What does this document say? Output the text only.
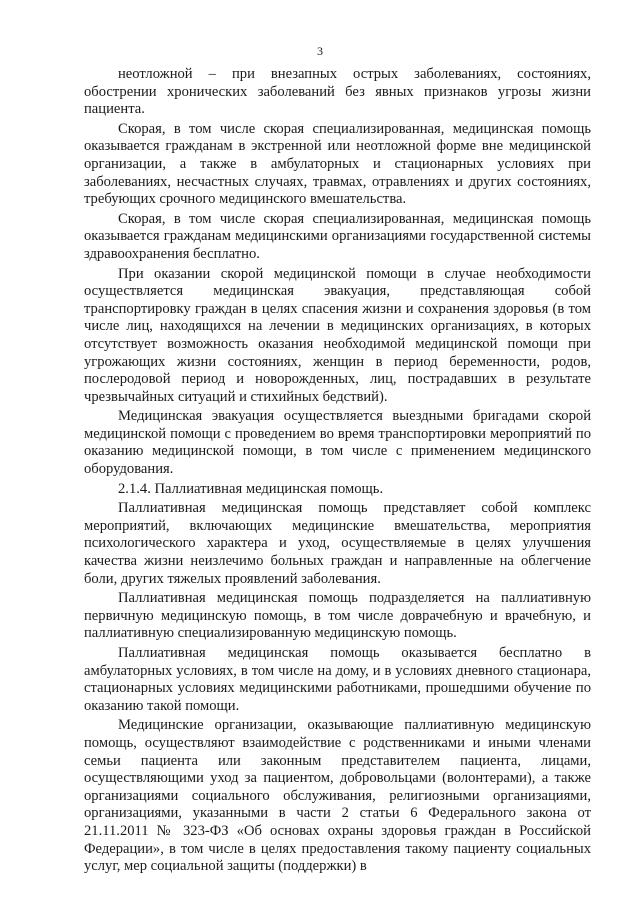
3

неотложной – при внезапных острых заболеваниях, состояниях, обострении хронических заболеваний без явных признаков угрозы жизни пациента.

Скорая, в том числе скорая специализированная, медицинская помощь оказывается гражданам в экстренной или неотложной форме вне медицинской организации, а также в амбулаторных и стационарных условиях при заболеваниях, несчастных случаях, травмах, отравлениях и других состояниях, требующих срочного медицинского вмешательства.

Скорая, в том числе скорая специализированная, медицинская помощь оказывается гражданам медицинскими организациями государственной системы здравоохранения бесплатно.

При оказании скорой медицинской помощи в случае необходимости осуществляется медицинская эвакуация, представляющая собой транспортировку граждан в целях спасения жизни и сохранения здоровья (в том числе лиц, находящихся на лечении в медицинских организациях, в которых отсутствует возможность оказания необходимой медицинской помощи при угрожающих жизни состояниях, женщин в период беременности, родов, послеродовой период и новорожденных, лиц, пострадавших в результате чрезвычайных ситуаций и стихийных бедствий).

Медицинская эвакуация осуществляется выездными бригадами скорой медицинской помощи с проведением во время транспортировки мероприятий по оказанию медицинской помощи, в том числе с применением медицинского оборудования.

2.1.4. Паллиативная медицинская помощь.

Паллиативная медицинская помощь представляет собой комплекс мероприятий, включающих медицинские вмешательства, мероприятия психологического характера и уход, осуществляемые в целях улучшения качества жизни неизлечимо больных граждан и направленные на облегчение боли, других тяжелых проявлений заболевания.

Паллиативная медицинская помощь подразделяется на паллиативную первичную медицинскую помощь, в том числе доврачебную и врачебную, и паллиативную специализированную медицинскую помощь.

Паллиативная медицинская помощь оказывается бесплатно в амбулаторных условиях, в том числе на дому, и в условиях дневного стационара, стационарных условиях медицинскими работниками, прошедшими обучение по оказанию такой помощи.

Медицинские организации, оказывающие паллиативную медицинскую помощь, осуществляют взаимодействие с родственниками и иными членами семьи пациента или законным представителем пациента, лицами, осуществляющими уход за пациентом, добровольцами (волонтерами), а также организациями социального обслуживания, религиозными организациями, организациями, указанными в части 2 статьи 6 Федерального закона от 21.11.2011 № 323-ФЗ «Об основах охраны здоровья граждан в Российской Федерации», в том числе в целях предоставления такому пациенту социальных услуг, мер социальной защиты (поддержки) в
